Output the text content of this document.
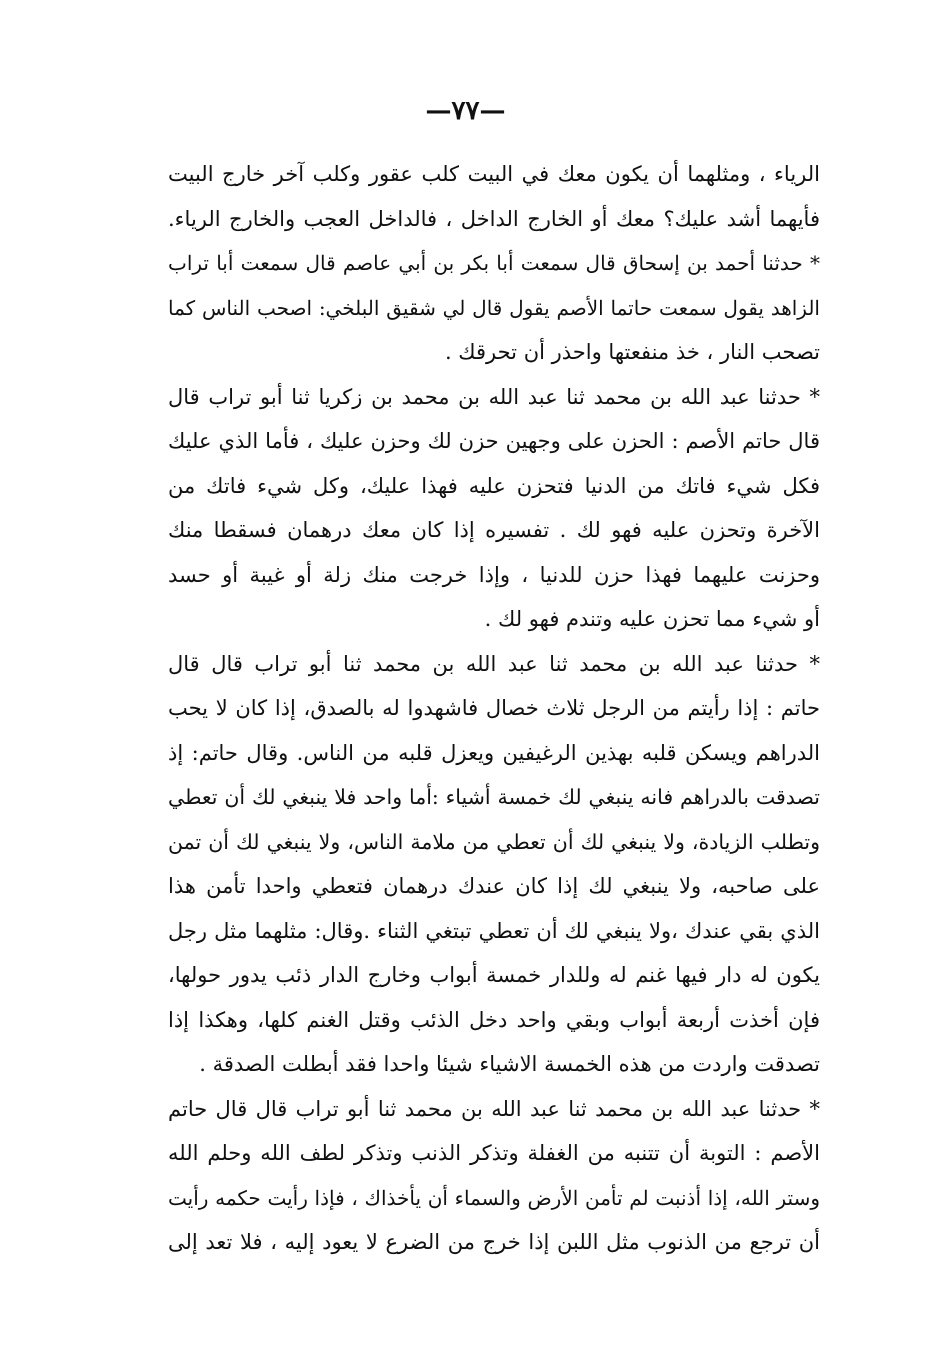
—٧٧—
الرياء ، ومثلهما أن يكون معك في البيت كلب عقور وكلب آخر خارج البيت
فأيهما أشد عليك؟ معك أو الخارج الداخل ، فالداخل العجب والخارج الرياء.
* حدثنا أحمد بن إسحاق قال سمعت أبا بكر بن أبي عاصم قال سمعت أبا تراب
الزاهد يقول سمعت حاتما الأصم يقول قال لي شقيق البلخي: اصحب الناس كما
تصحب النار ، خذ منفعتها واحذر أن تحرقك .
* حدثنا عبد الله بن محمد ثنا عبد الله بن محمد بن زكريا ثنا أبو تراب قال
قال حاتم الأصم : الحزن على وجهين حزن لك وحزن عليك ، فأما الذي عليك
فكل شيء فاتك من الدنيا فتحزن عليه فهذا عليك، وكل شيء فاتك من
الآخرة وتحزن عليه فهو لك . تفسيره إذا كان معك درهمان فسقطا منك
وحزنت عليهما فهذا حزن للدنيا ، وإذا خرجت منك زلة أو غيبة أو حسد
أو شيء مما تحزن عليه وتندم فهو لك .
* حدثنا عبد الله بن محمد ثنا عبد الله بن محمد ثنا أبو تراب قال قال
حاتم : إذا رأيتم من الرجل ثلاث خصال فاشهدوا له بالصدق، إذا كان لا يحب
الدراهم ويسكن قلبه بهذين الرغيفين ويعزل قلبه من الناس. وقال حاتم: إذ
تصدقت بالدراهم فانه ينبغي لك خمسة أشياء :أما واحد فلا ينبغي لك أن تعطي
وتطلب الزيادة، ولا ينبغي لك أن تعطي من ملامة الناس، ولا ينبغي لك أن تمن
على صاحبه، ولا ينبغي لك إذا كان عندك درهمان فتعطي واحدا تأمن هذا
الذي بقي عندك ،ولا ينبغي لك أن تعطي تبتغي الثناء .وقال: مثلهما مثل رجل
يكون له دار فيها غنم له وللدار خمسة أبواب وخارج الدار ذئب يدور حولها،
فإن أخذت أربعة أبواب وبقي واحد دخل الذئب وقتل الغنم كلها، وهكذا إذا
تصدقت واردت من هذه الخمسة الاشياء شيئا واحدا فقد أبطلت الصدقة .
* حدثنا عبد الله بن محمد ثنا عبد الله بن محمد ثنا أبو تراب قال قال حاتم
الأصم : التوبة أن تتنبه من الغفلة وتذكر الذنب وتذكر لطف الله وحلم الله
وستر الله، إذا أذنبت لم تأمن الأرض والسماء أن يأخذاك ، فإذا رأيت حكمه رأيت
أن ترجع من الذنوب مثل اللبن إذا خرج من الضرع لا يعود إليه ، فلا تعد إلى
